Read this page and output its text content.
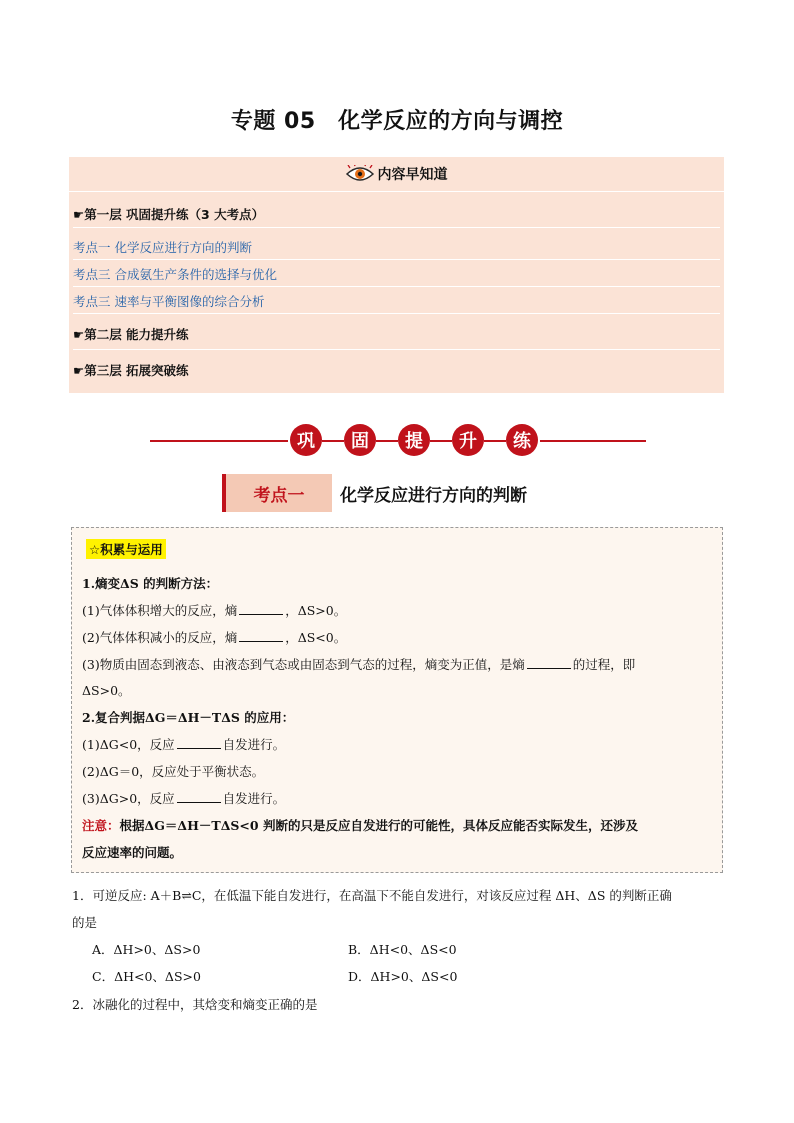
专题 05　化学反应的方向与调控
内容早知道
☛第一层 巩固提升练（3 大考点）
考点一 化学反应进行方向的判断
考点三 合成氨生产条件的选择与优化
考点三 速率与平衡图像的综合分析
☛第二层 能力提升练
☛第三层 拓展突破练
巩	固	提	升	练
考点一	化学反应进行方向的判断
☆积累与运用
1.熵变ΔS 的判断方法：
(1)气体体积增大的反应，熵	，ΔS>0。
(2)气体体积减小的反应，熵	，ΔS<0。
(3)物质由固态到液态、由液态到气态或由固态到气态的过程，熵变为正值，是熵	的过程，即
ΔS>0。
2.复合判据ΔG＝ΔH－TΔS 的应用：
(1)ΔG<0，反应	自发进行。
(2)ΔG＝0，反应处于平衡状态。
(3)ΔG>0，反应	自发进行。
注意：根据ΔG＝ΔH－TΔS<0 判断的只是反应自发进行的可能性，具体反应能否实际发生，还涉及
反应速率的问题。
1．可逆反应: A＋B⇌C，在低温下能自发进行，在高温下不能自发进行，对该反应过程 ΔH、ΔS 的判断正确
的是
A．ΔH>0、ΔS>0	B．ΔH<0、ΔS<0
C．ΔH<0、ΔS>0	D．ΔH>0、ΔS<0
2．冰融化的过程中，其焓变和熵变正确的是
